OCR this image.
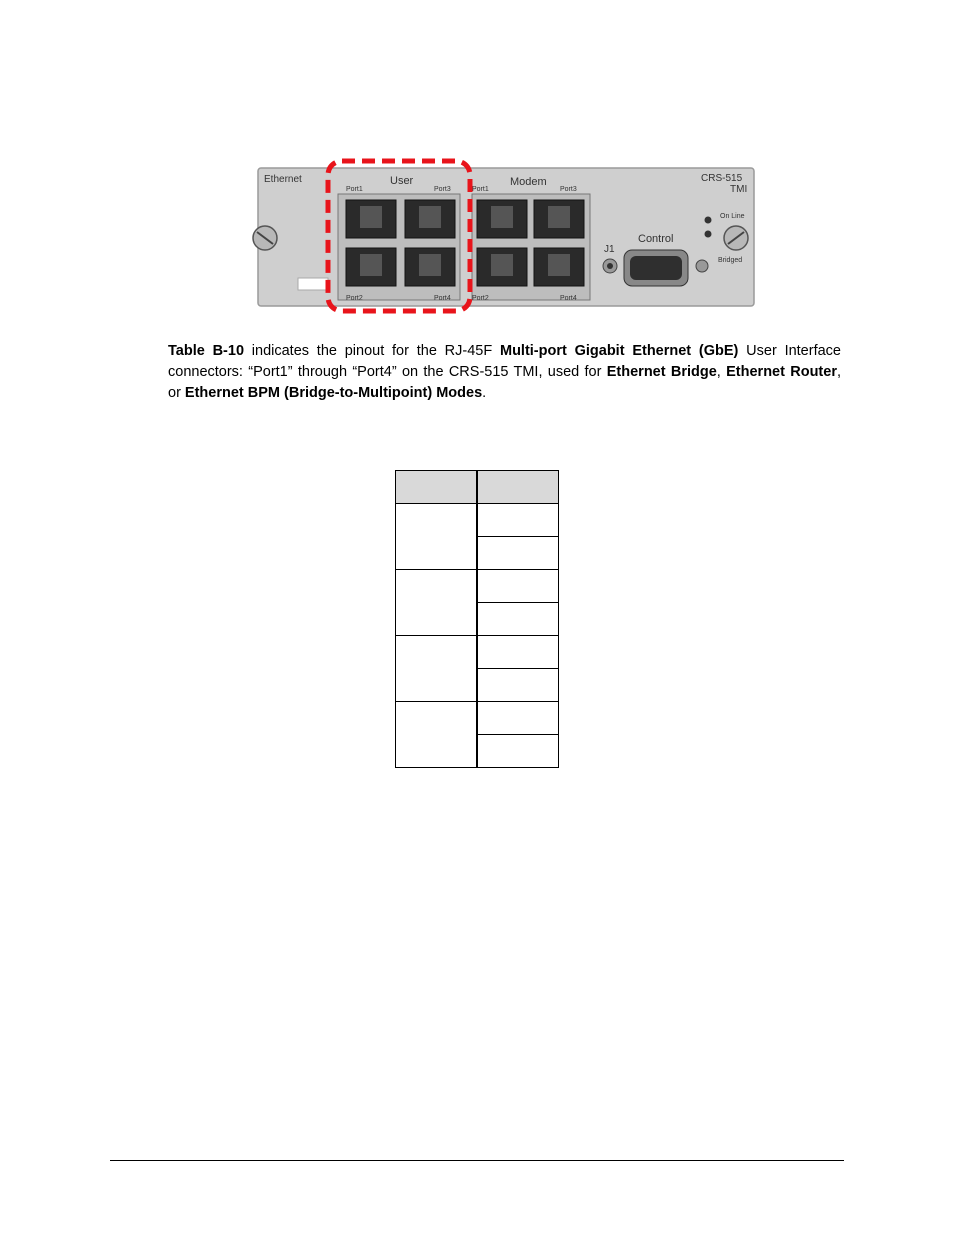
Ethernet	User	Modem	CRS-515
TMI
Port1	Port3
Port2	Port4
Port1	Port3
Port2	Port4
J1
Control
On Line
Bridged

Table B-10 indicates the pinout for the RJ-45F Multi-port Gigabit Ethernet (GbE) User Interface connectors: “Port1” through “Port4” on the CRS-515 TMI, used for Ethernet Bridge, Ethernet Router, or Ethernet BPM (Bridge-to-Multipoint) Modes.
